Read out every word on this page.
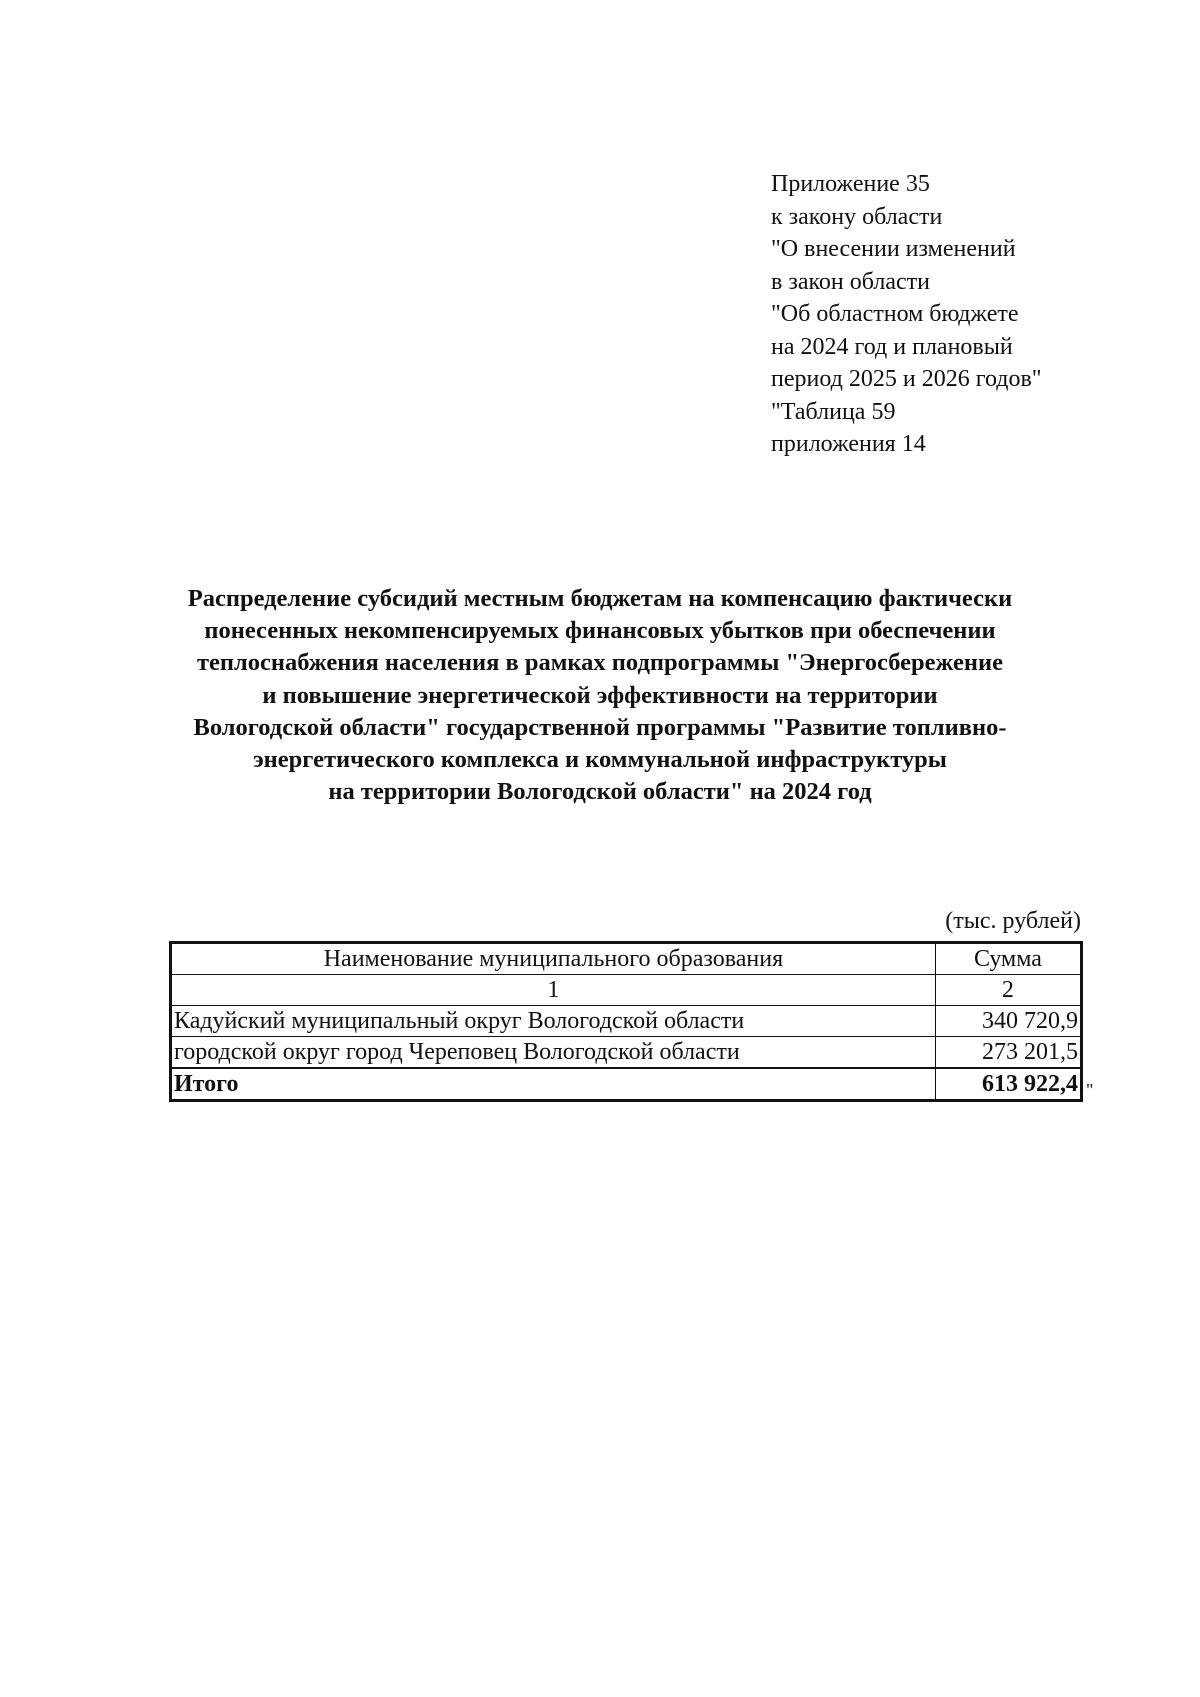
Приложение 35
к закону области
"О внесении изменений
в закон области
"Об областном бюджете
на 2024 год и плановый
период 2025 и 2026 годов"
"Таблица 59
приложения 14
Распределение субсидий местным бюджетам на компенсацию фактически
понесенных некомпенсируемых финансовых убытков при обеспечении
теплоснабжения населения в рамках подпрограммы "Энергосбережение
и повышение энергетической эффективности на территории
Вологодской области" государственной программы "Развитие топливно-
энергетического комплекса и коммунальной инфраструктуры
на территории Вологодской области" на 2024 год
(тыс. рублей)
Наименование муниципального образования	Сумма
1	2
Кадуйский муниципальный округ Вологодской области	340 720,9
городской округ город Череповец Вологодской области	273 201,5
Итого	613 922,4 "
